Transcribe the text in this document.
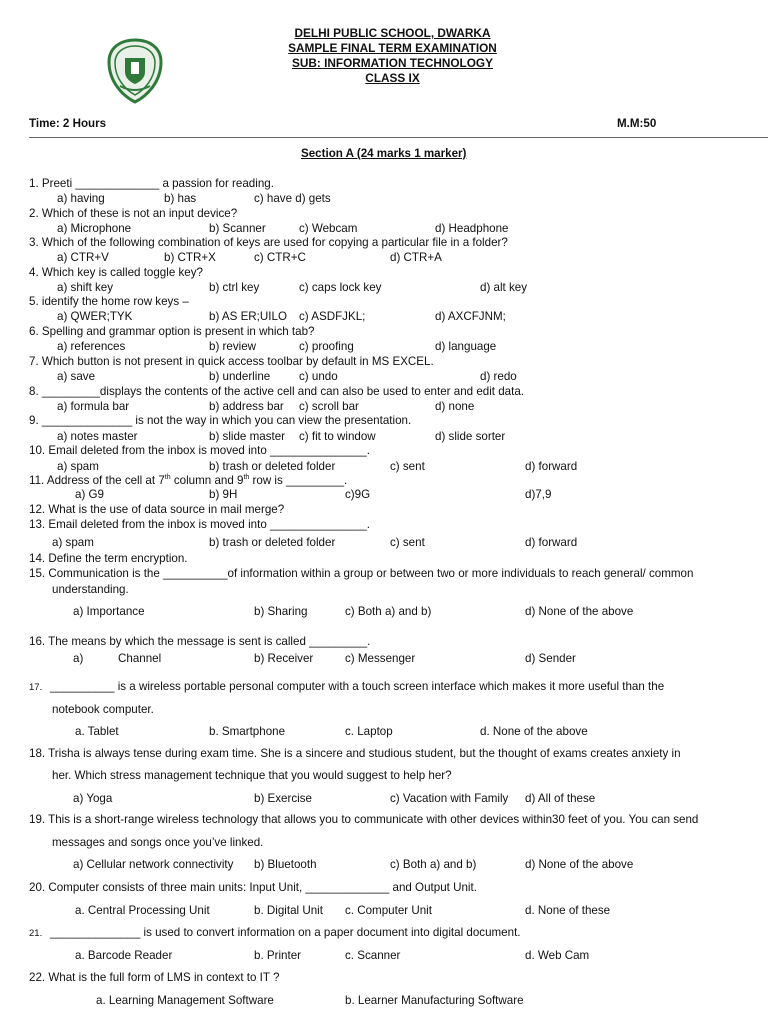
DELHI PUBLIC SCHOOL, DWARKA
SAMPLE FINAL TERM EXAMINATION
SUB: INFORMATION TECHNOLOGY
CLASS IX
Time: 2 Hours	M.M:50
Section A (24 marks 1 marker)
1. Preeti _____________ a passion for reading.
a) having	b) has	c) have d) gets
2. Which of these is not an input device?
a) Microphone	b) Scanner	c) Webcam	d) Headphone
3. Which of the following combination of keys are used for copying a particular file in a folder?
a) CTR+V	b) CTR+X	c) CTR+C	d) CTR+A
4. Which key is called toggle key?
a) shift key	b) ctrl key	c) caps lock key	d) alt key
5. identify the home row keys –
a) QWER;TYK	b) AS ER;UILO c) ASDFJKL;	d) AXCFJNM;
6. Spelling and grammar option is present in which tab?
a) references	b) review	c) proofing	d) language
7. Which button is not present in quick access toolbar by default in MS EXCEL.
a) save	b) underline c) undo	d) redo
8. _________displays the contents of the active cell and can also be used to enter and edit data.
a) formula bar	b) address bar c) scroll bar	d) none
9. ______________ is not the way in which you can view the presentation.
a) notes master	b) slide master c) fit to window	d) slide sorter
10. Email deleted from the inbox is moved into _______________.
a) spam	b) trash or deleted folder	c) sent	d) forward
11. Address of the cell at 7th column and 9th row is _________.
a) G9	b) 9H	c)9G	d)7,9
12. What is the use of data source in mail merge?
13. Email deleted from the inbox is moved into _______________.
a) spam	b) trash or deleted folder	c) sent	d) forward
14. Define the term encryption.
15. Communication is the __________of information within a group or between two or more individuals to reach general/ common
understanding.
a) Importance	b) Sharing	c) Both a) and b)	d) None of the above
16. The means by which the message is sent is called _________.
a)	Channel	b) Receiver	c) Messenger	d) Sender
17. __________ is a wireless portable personal computer with a touch screen interface which makes it more useful than the
notebook computer.
a. Tablet	b. Smartphone	c. Laptop	d. None of the above
18. Trisha is always tense during exam time. She is a sincere and studious student, but the thought of exams creates anxiety in
her. Which stress management technique that you would suggest to help her?
a) Yoga	b) Exercise	c) Vacation with Family d) All of these
19. This is a short-range wireless technology that allows you to communicate with other devices within30 feet of you. You can send
messages and songs once you’ve linked.
a) Cellular network connectivity b) Bluetooth	c) Both a) and b)	d) None of the above
20. Computer consists of three main units: Input Unit, _____________ and Output Unit.
a. Central Processing Unit	b. Digital Unit c. Computer Unit	d. None of these
21. ______________ is used to convert information on a paper document into digital document.
a. Barcode Reader	b. Printer	c. Scanner	d. Web Cam
22. What is the full form of LMS in context to IT ?
a. Learning Management Software	b. Learner Manufacturing Software
